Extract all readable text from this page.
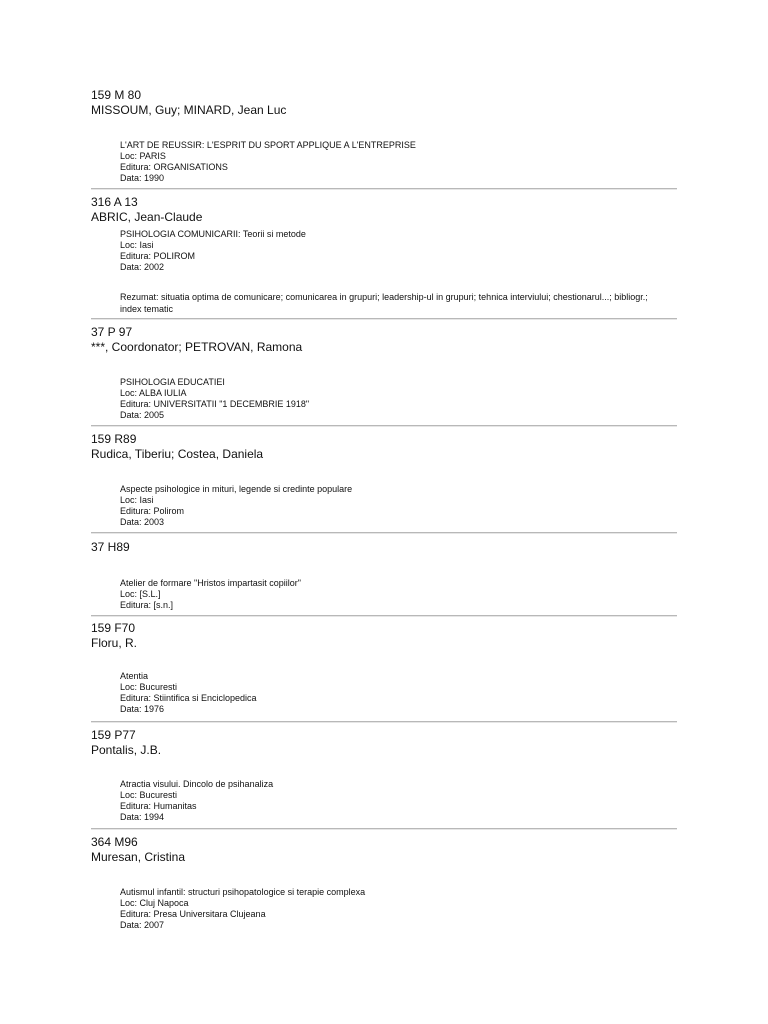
159 M 80
MISSOUM, Guy; MINARD, Jean Luc
L'ART DE REUSSIR: L'ESPRIT DU SPORT APPLIQUE A L'ENTREPRISE
Loc: PARIS
Editura: ORGANISATIONS
Data: 1990
316 A 13
ABRIC, Jean-Claude
PSIHOLOGIA COMUNICARII: Teorii si metode
Loc: Iasi
Editura: POLIROM
Data: 2002
Rezumat: situatia optima de comunicare; comunicarea in grupuri; leadership-ul in grupuri; tehnica interviului; chestionarul...; bibliogr.; index tematic
37 P 97
***, Coordonator; PETROVAN, Ramona
PSIHOLOGIA EDUCATIEI
Loc: ALBA IULIA
Editura: UNIVERSITATII "1 DECEMBRIE 1918"
Data: 2005
159 R89
Rudica, Tiberiu; Costea, Daniela
Aspecte psihologice in mituri, legende si credinte populare
Loc: Iasi
Editura: Polirom
Data: 2003
37 H89
Atelier de formare "Hristos impartasit copiilor"
Loc: [S.L.]
Editura: [s.n.]
159 F70
Floru, R.
Atentia
Loc: Bucuresti
Editura: Stiintifica si Enciclopedica
Data: 1976
159 P77
Pontalis, J.B.
Atractia visului. Dincolo de psihanaliza
Loc: Bucuresti
Editura: Humanitas
Data: 1994
364 M96
Muresan, Cristina
Autismul infantil: structuri psihopatologice si terapie complexa
Loc: Cluj Napoca
Editura: Presa Universitara Clujeana
Data: 2007
